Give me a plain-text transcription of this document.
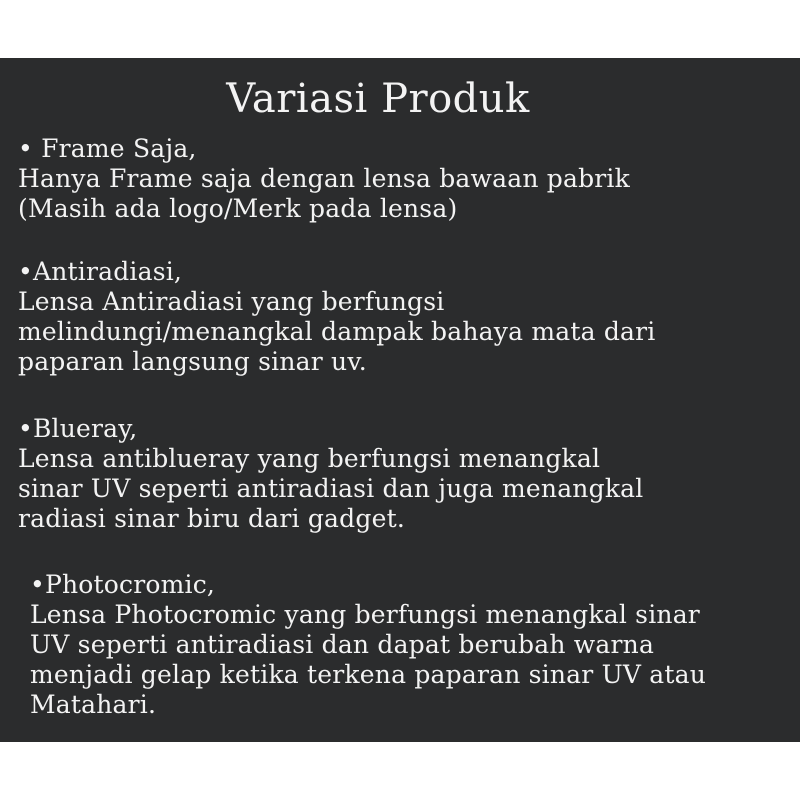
Variasi Produk
• Frame Saja,
Hanya Frame saja dengan lensa bawaan pabrik
(Masih ada logo/Merk pada lensa)
•Antiradiasi,
Lensa Antiradiasi yang berfungsi
melindungi/menangkal dampak bahaya mata dari
paparan langsung sinar uv.
•Blueray,
Lensa antiblueray yang berfungsi menangkal
sinar UV seperti antiradiasi dan juga menangkal
radiasi sinar biru dari gadget.
•Photocromic,
Lensa Photocromic yang berfungsi menangkal sinar
UV seperti antiradiasi dan dapat berubah warna
menjadi gelap ketika terkena paparan sinar UV atau
Matahari.
